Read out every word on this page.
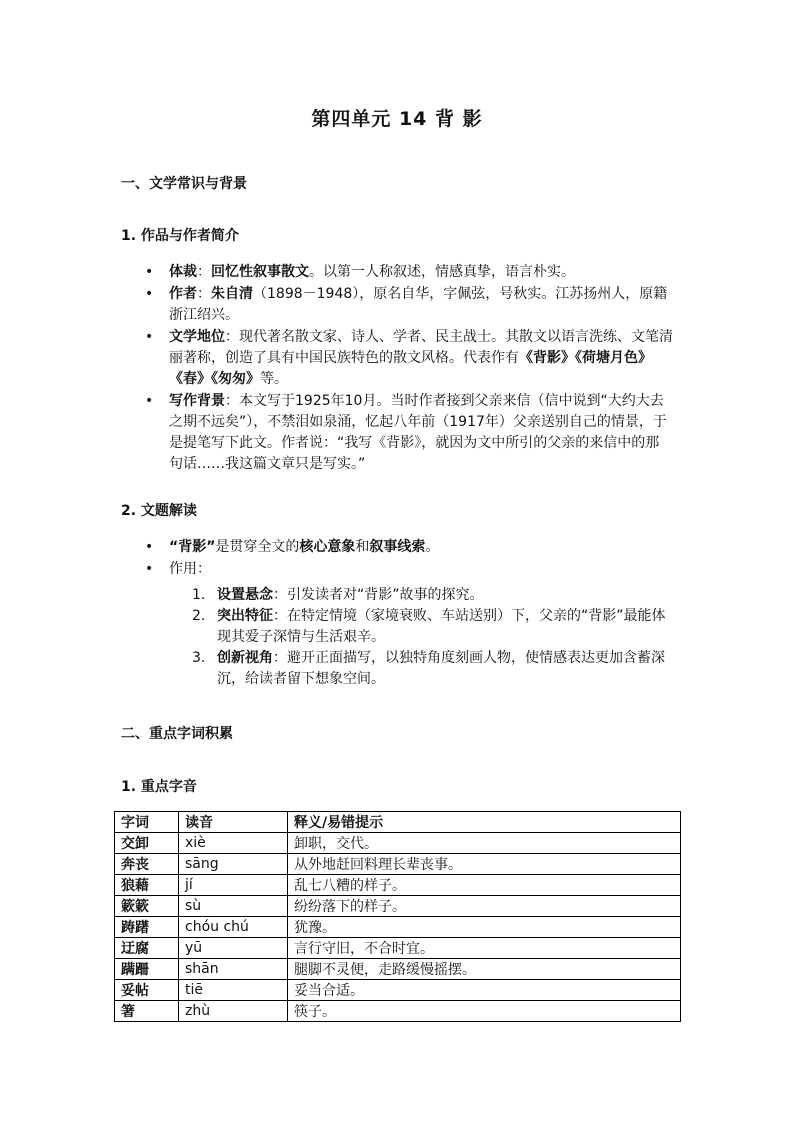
第四单元 14 背 影
一、文学常识与背景
1. 作品与作者简介
• 体裁：回忆性叙事散文。以第一人称叙述，情感真挚，语言朴实。
• 作者：朱自清（1898－1948），原名自华，字佩弦，号秋实。江苏扬州人，原籍浙江绍兴。
• 文学地位：现代著名散文家、诗人、学者、民主战士。其散文以语言洗练、文笔清丽著称，创造了具有中国民族特色的散文风格。代表作有《背影》《荷塘月色》《春》《匆匆》等。
• 写作背景：本文写于1925年10月。当时作者接到父亲来信（信中说到“大约大去之期不远矣”），不禁泪如泉涌，忆起八年前（1917年）父亲送别自己的情景，于是提笔写下此文。作者说：“我写《背影》，就因为文中所引的父亲的来信中的那句话……我这篇文章只是写实。”
2. 文题解读
• “背影”是贯穿全文的核心意象和叙事线索。
• 作用：
1. 设置悬念：引发读者对“背影”故事的探究。
2. 突出特征：在特定情境（家境衰败、车站送别）下，父亲的“背影”最能体现其爱子深情与生活艰辛。
3. 创新视角：避开正面描写，以独特角度刻画人物，使情感表达更加含蓄深沉，给读者留下想象空间。
二、重点字词积累
1. 重点字音
字词	读音	释义/易错提示
交卸	xiè	卸职，交代。
奔丧	sāng	从外地赶回料理长辈丧事。
狼藉	jí	乱七八糟的样子。
簌簌	sù	纷纷落下的样子。
踌躇	chóu chú	犹豫。
迂腐	yū	言行守旧，不合时宜。
蹒跚	shān	腿脚不灵便，走路缓慢摇摆。
妥帖	tiē	妥当合适。
箸	zhù	筷子。
